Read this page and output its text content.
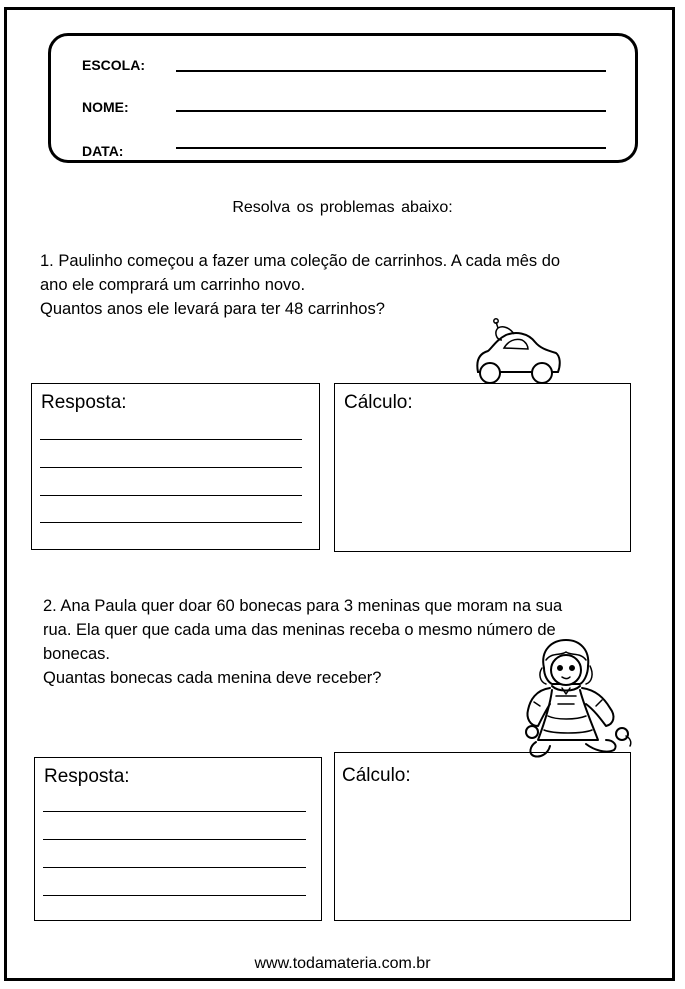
ESCOLA:
NOME:
DATA:
Resolva os problemas abaixo:
1. Paulinho começou a fazer uma coleção de carrinhos. A cada mês do
ano ele comprará um carrinho novo.
Quantos anos ele levará para ter 48 carrinhos?
Resposta:	Cálculo:
2. Ana Paula quer doar 60 bonecas para 3 meninas que moram na sua
rua. Ela quer que cada uma das meninas receba o mesmo número de
bonecas.
Quantas bonecas cada menina deve receber?
Resposta:	Cálculo:
www.todamateria.com.br
